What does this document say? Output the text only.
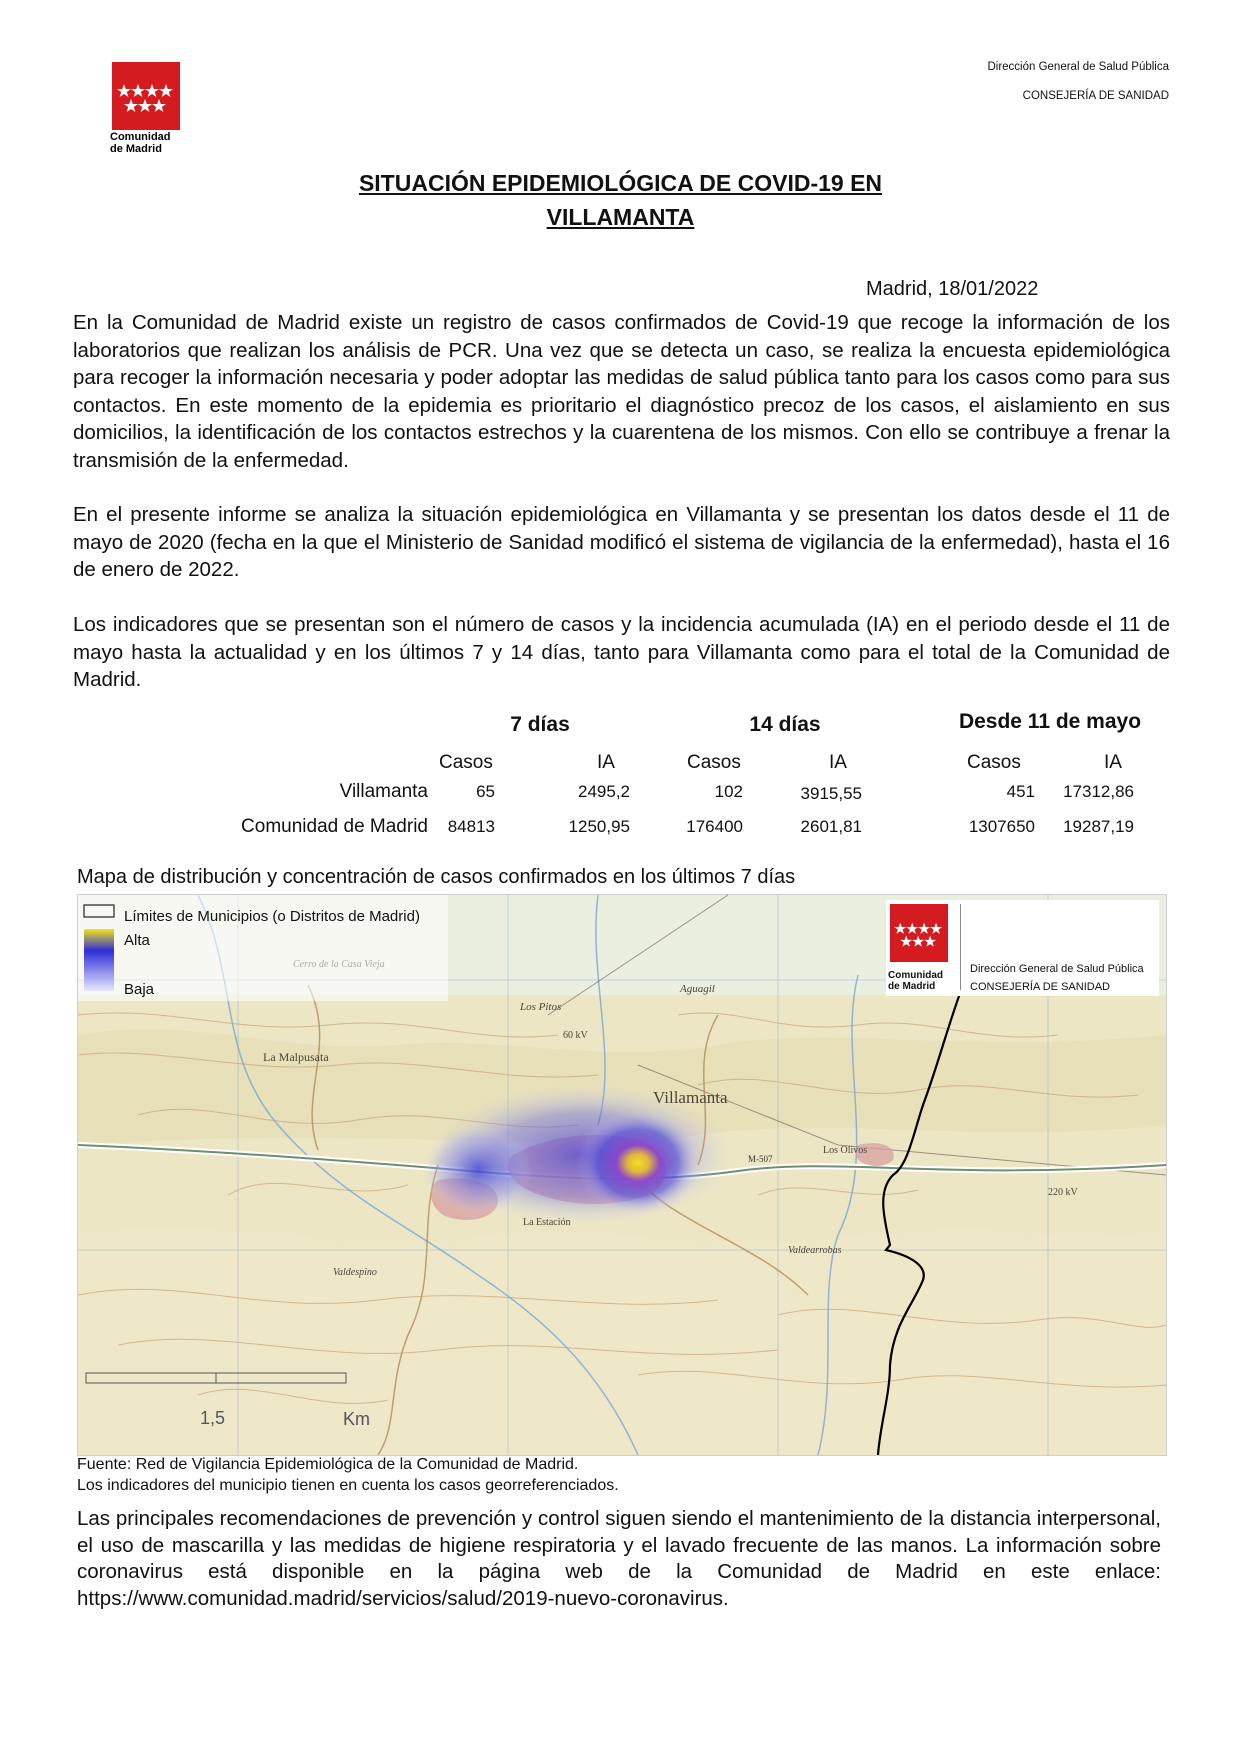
Comunidad
de Madrid
Dirección General de Salud Pública
CONSEJERÍA DE SANIDAD
SITUACIÓN EPIDEMIOLÓGICA DE COVID-19 EN
VILLAMANTA
Madrid, 18/01/2022
En la Comunidad de Madrid existe un registro de casos confirmados de Covid-19 que recoge la información de los laboratorios que realizan los análisis de PCR. Una vez que se detecta un caso, se realiza la encuesta epidemiológica para recoger la información necesaria y poder adoptar las medidas de salud pública tanto para los casos como para sus contactos. En este momento de la epidemia es prioritario el diagnóstico precoz de los casos, el aislamiento en sus domicilios, la identificación de los contactos estrechos y la cuarentena de los mismos. Con ello se contribuye a frenar la transmisión de la enfermedad.
En el presente informe se analiza la situación epidemiológica en Villamanta y se presentan los datos desde el 11 de mayo de 2020 (fecha en la que el Ministerio de Sanidad modificó el sistema de vigilancia de la enfermedad), hasta el 16 de enero de 2022.
Los indicadores que se presentan son el número de casos y la incidencia acumulada (IA) en el periodo desde el 11 de mayo hasta la actualidad y en los últimos 7 y 14 días, tanto para Villamanta como para el total de la Comunidad de Madrid.
7 días	14 días	Desde 11 de mayo
Casos	IA	Casos	IA	Casos	IA
Villamanta	65	2495,2	102	3915,55	451	17312,86
Comunidad de Madrid	84813	1250,95	176400	2601,81	1307650	19287,19
Mapa de distribución y concentración de casos confirmados en los últimos 7 días
Villamanta
La Malpusata
Los Pitos
Aguagil
Los Olivos
La Estación
Valdearrobas
Valdespino
M-507
220 kV
60 kV
Límites de Municipios (o Distritos de Madrid)
Alta
Baja
Comunidad
de Madrid
Dirección General de Salud Pública
CONSEJERÍA DE SANIDAD
1,5	Km
Fuente: Red de Vigilancia Epidemiológica de la Comunidad de Madrid.
Los indicadores del municipio tienen en cuenta los casos georreferenciados.
Las principales recomendaciones de prevención y control siguen siendo el mantenimiento de la distancia interpersonal, el uso de mascarilla y las medidas de higiene respiratoria y el lavado frecuente de las manos. La información sobre coronavirus está disponible en la página web de la Comunidad de Madrid en este enlace: https://www.comunidad.madrid/servicios/salud/2019-nuevo-coronavirus.
